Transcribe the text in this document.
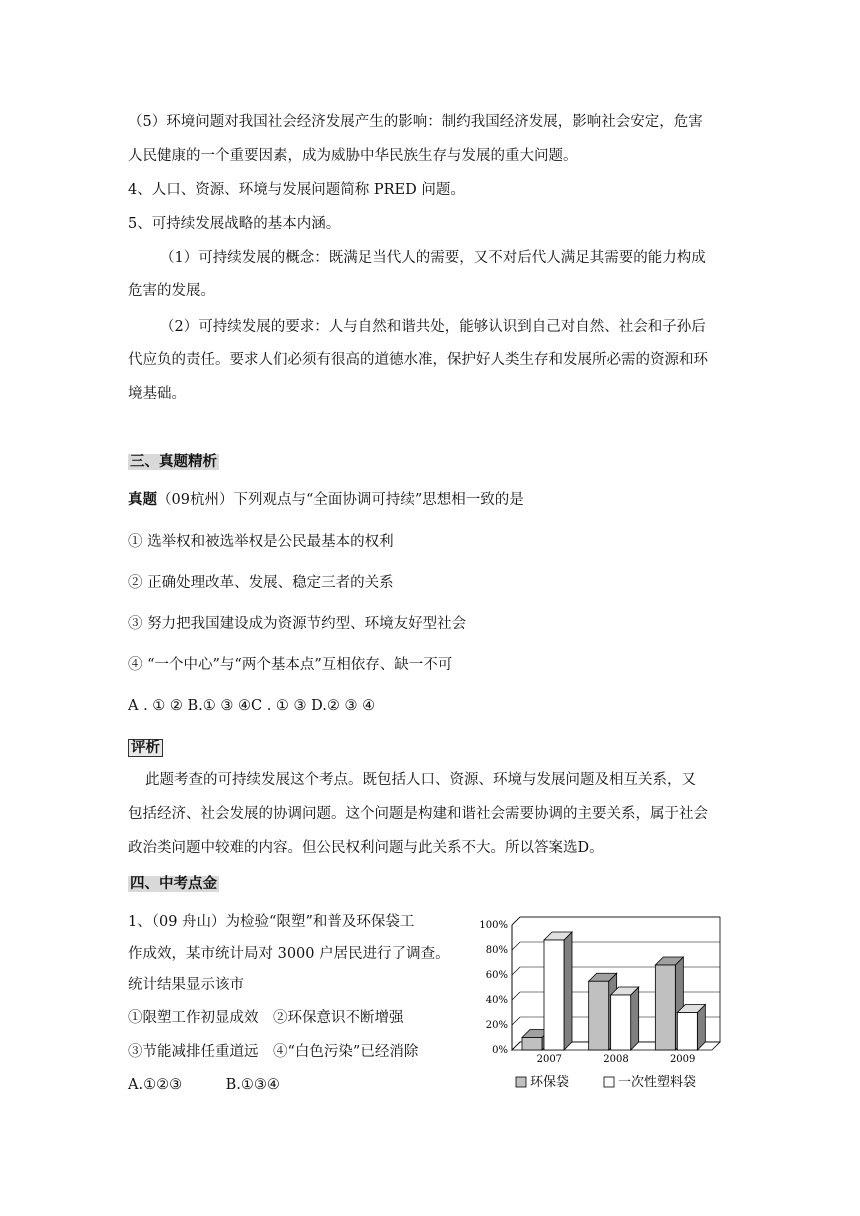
（5）环境问题对我国社会经济发展产生的影响：制约我国经济发展，影响社会安定，危害
人民健康的一个重要因素，成为威胁中华民族生存与发展的重大问题。
4、人口、资源、环境与发展问题简称 PRED 问题。
5、可持续发展战略的基本内涵。
（1）可持续发展的概念：既满足当代人的需要，又不对后代人满足其需要的能力构成
危害的发展。
（2）可持续发展的要求：人与自然和谐共处，能够认识到自己对自然、社会和子孙后
代应负的责任。要求人们必须有很高的道德水准，保护好人类生存和发展所必需的资源和环
境基础。
三、真题精析
真题（09杭州）下列观点与“全面协调可持续”思想相一致的是
① 选举权和被选举权是公民最基本的权利
② 正确处理改革、发展、稳定三者的关系
③ 努力把我国建设成为资源节约型、环境友好型社会
④ “一个中心”与“两个基本点”互相依存、缺一不可
A . ① ② B.① ③ ④C . ① ③ D.② ③ ④
评析
此题考查的可持续发展这个考点。既包括人口、资源、环境与发展问题及相互关系，又
包括经济、社会发展的协调问题。这个问题是构建和谐社会需要协调的主要关系，属于社会
政治类问题中较难的内容。但公民权利问题与此关系不大。所以答案选D。
四、中考点金
1、（09 舟山）为检验“限塑”和普及环保袋工
作成效，某市统计局对 3000 户居民进行了调查。
统计结果显示该市
①限塑工作初显成效　②环保意识不断增强
③节能减排任重道远　④“白色污染”已经消除
A.①②③　　　B.①③④
0%
20%
40%
60%
80%
100%
2007	2008	2009
环保袋	一次性塑料袋
